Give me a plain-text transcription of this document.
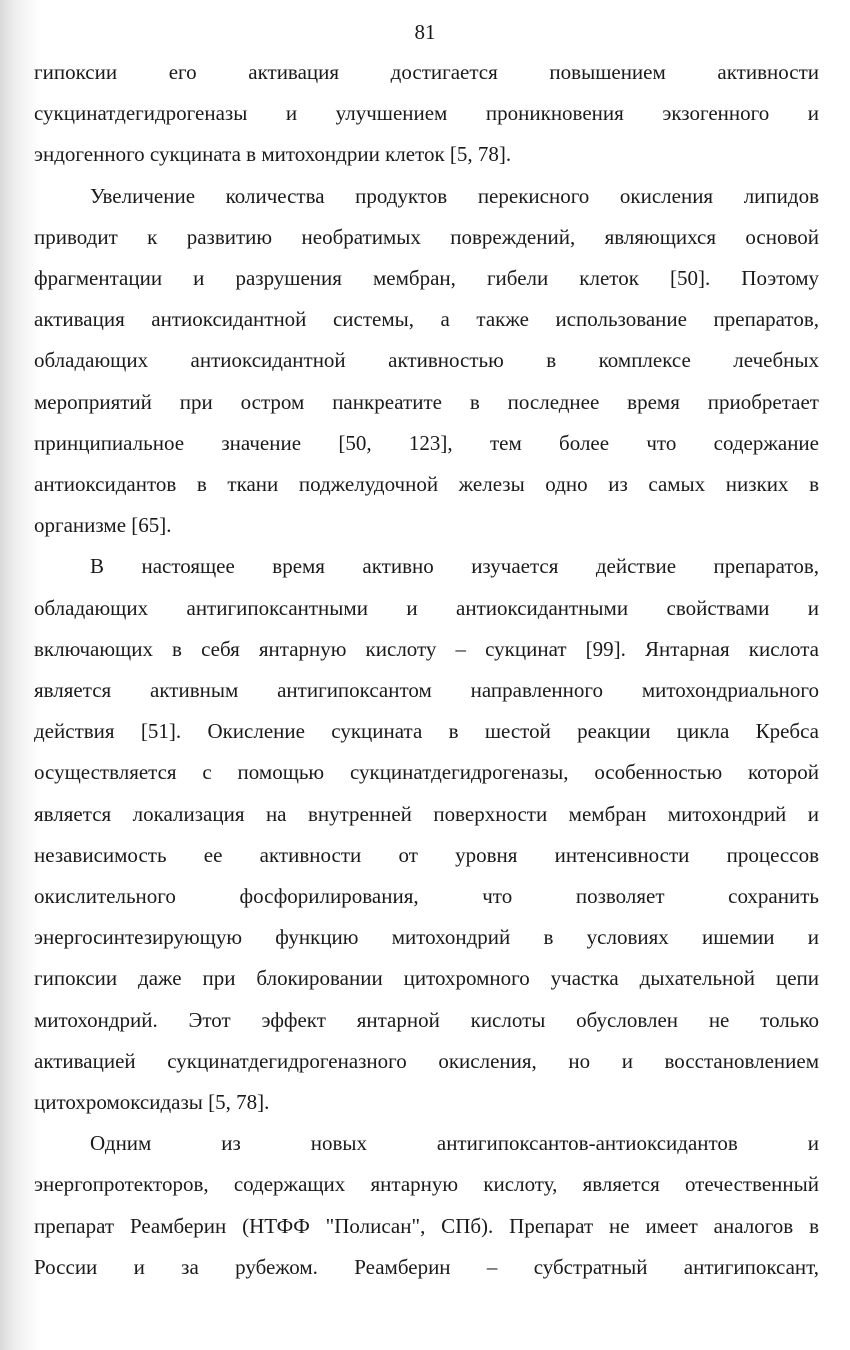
81
гипоксии его активация достигается повышением активности
сукцинатдегидрогеназы и улучшением проникновения экзогенного и
эндогенного сукцината в митохондрии клеток [5, 78].
Увеличение количества продуктов перекисного окисления липидов
приводит к развитию необратимых повреждений, являющихся основой
фрагментации и разрушения мембран, гибели клеток [50]. Поэтому
активация антиоксидантной системы, а также использование препаратов,
обладающих антиоксидантной активностью в комплексе лечебных
мероприятий при остром панкреатите в последнее время приобретает
принципиальное значение [50, 123], тем более что содержание
антиоксидантов в ткани поджелудочной железы одно из самых низких в
организме [65].
В настоящее время активно изучается действие препаратов,
обладающих антигипоксантными и антиоксидантными свойствами и
включающих в себя янтарную кислоту – сукцинат [99]. Янтарная кислота
является активным антигипоксантом направленного митохондриального
действия [51]. Окисление сукцината в шестой реакции цикла Кребса
осуществляется с помощью сукцинатдегидрогеназы, особенностью которой
является локализация на внутренней поверхности мембран митохондрий и
независимость ее активности от уровня интенсивности процессов
окислительного фосфорилирования, что позволяет сохранить
энергосинтезирующую функцию митохондрий в условиях ишемии и
гипоксии даже при блокировании цитохромного участка дыхательной цепи
митохондрий. Этот эффект янтарной кислоты обусловлен не только
активацией сукцинатдегидрогеназного окисления, но и восстановлением
цитохромоксидазы [5, 78].
Одним из новых антигипоксантов-антиоксидантов и
энергопротекторов, содержащих янтарную кислоту, является отечественный
препарат Реамберин (НТФФ "Полисан", СПб). Препарат не имеет аналогов в
России и за рубежом. Реамберин – субстратный антигипоксант,
